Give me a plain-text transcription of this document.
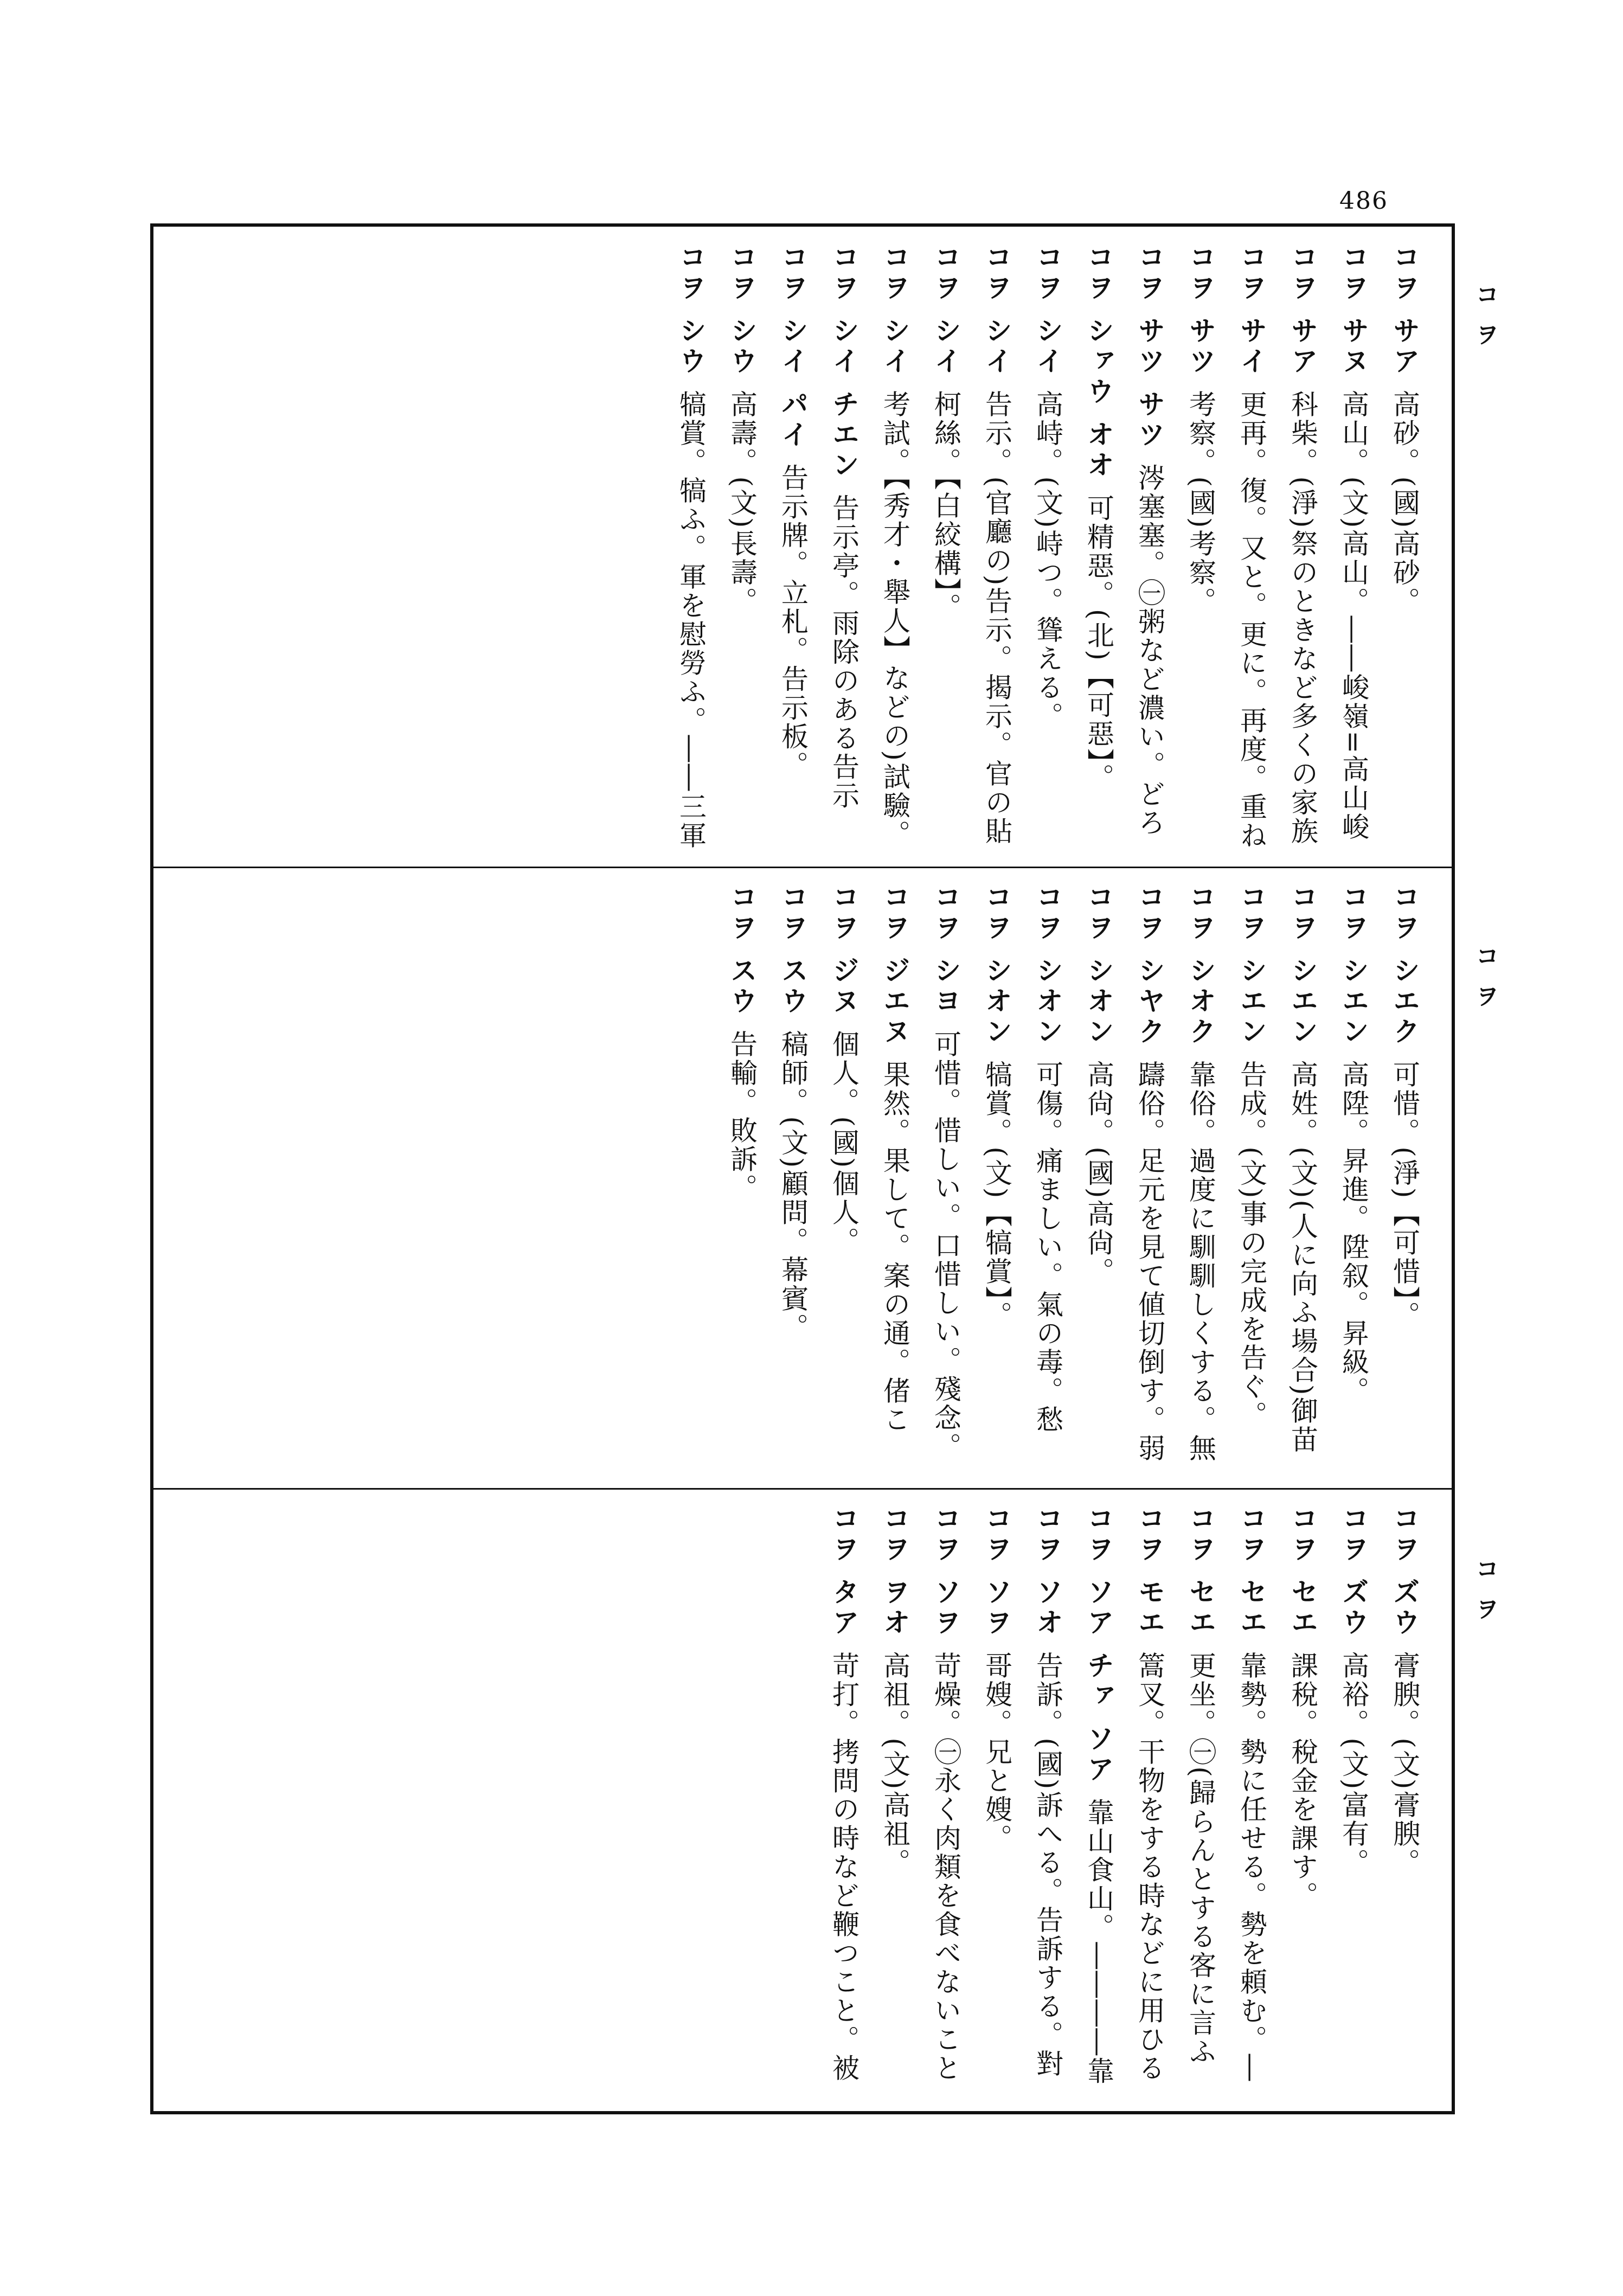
486
コヲ
コヲ
コヲ
コヲ サア高砂。(國)高砂。
コヲ サヌ高山。(文)高山。――峻嶺=高山峻
コヲ サア科柴。(淨)祭のときなど多くの家族
コヲ サイ更再。復。又と。更に。再度。重ね
コヲ サツ考察。(國)考察。
コヲ サツ サツ涔塞塞。㊀粥など濃い。どろ
コヲ シァウ オオ可精惡。(北)【可惡】。
コヲ シイ高峙。(文)峙つ。聳える。
コヲ シイ告示。(官廳の)告示。揭示。官の貼
コヲ シイ柯絲。【白絞構】。
コヲ シイ考試。【秀才・舉人】などの)試驗。
コヲ シイ チエン告示亭。雨除のある告示
コヲ シイ パイ告示牌。立札。告示板。
コヲ シウ高壽。(文)長壽。
コヲ シウ犒賞。犒ふ。軍を慰勞ふ。――三軍
コヲ シエク可惜。(淨)【可惜】。
コヲ シエン高陞。昇進。陞叙。昇級。
コヲ シエン高姓。(文)(人に向ふ場合)御苗
コヲ シエン告成。(文)事の完成を告ぐ。
コヲ シオク靠俗。過度に馴馴しくする。無
コヲ シヤク躊俗。足元を見て値切倒す。弱
コヲ シオン高尙。(國)高尙。
コヲ シオン可傷。痛ましい。氣の毒。愁
コヲ シオン犒賞。(文)【犒賞】。
コヲ シヨ可惜。惜しい。口惜しい。殘念。
コヲ ジエヌ果然。果して。案の通。偖こ
コヲ ジヌ個人。(國)個人。
コヲ スウ稿師。(文)顧問。幕賓。
コヲ スウ告輸。敗訴。
コヲ ズウ膏腴。(文)膏腴。
コヲ ズウ高裕。(文)富有。
コヲ セエ課稅。稅金を課す。
コヲ セエ靠勢。勢に任せる。勢を頼む。―
コヲ セエ更坐。㊀(歸らんとする客に言ふ
コヲ モエ篙叉。干物をする時などに用ひる
コヲ ソア チァ ソア靠山食山。――――靠
コヲ ソオ告訴。(國)訴へる。告訴する。對
コヲ ソヲ哥嫂。兄と嫂。
コヲ ソヲ苛燥。㊀永く肉類を食べないこと
コヲ ヲオ高祖。(文)高祖。
コヲ タア苛打。拷問の時など鞭つこと。被
